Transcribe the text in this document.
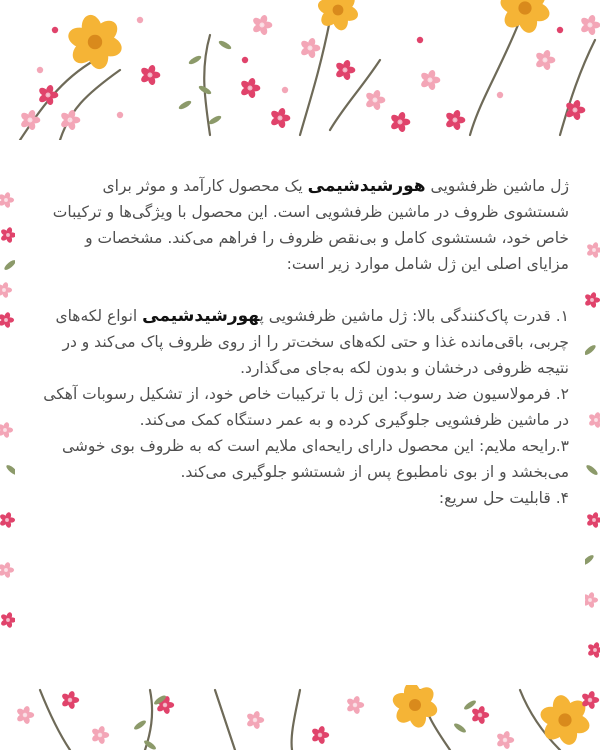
ژل ماشین ظرفشویی هورشیدشیمی یک محصول کارآمد و موثر برای شستشوی ظروف در ماشین ظرفشویی است. این محصول با ویژگی‌ها و ترکیبات خاص خود، شستشوی کامل و بی‌نقص ظروف را فراهم می‌کند. مشخصات و مزایای اصلی این ژل شامل موارد زیر است:

۱. قدرت پاک‌کنندگی بالا: ژل ماشین ظرفشویی پهورشیدشیمی انواع لکه‌های چربی، باقی‌مانده غذا و حتی لکه‌های سخت‌تر را از روی ظروف پاک می‌کند و در نتیجه ظروفی درخشان و بدون لکه به‌جای می‌گذارد.

۲. فرمولاسیون ضد رسوب: این ژل با ترکیبات خاص خود، از تشکیل رسوبات آهکی در ماشین ظرفشویی جلوگیری کرده و به عمر دستگاه کمک می‌کند.

۳.رایحه ملایم: این محصول دارای رایحه‌ای ملایم است که به ظروف بوی خوشی می‌بخشد و از بوی نامطبوع پس از شستشو جلوگیری می‌کند.

۴. قابلیت حل سریع:
